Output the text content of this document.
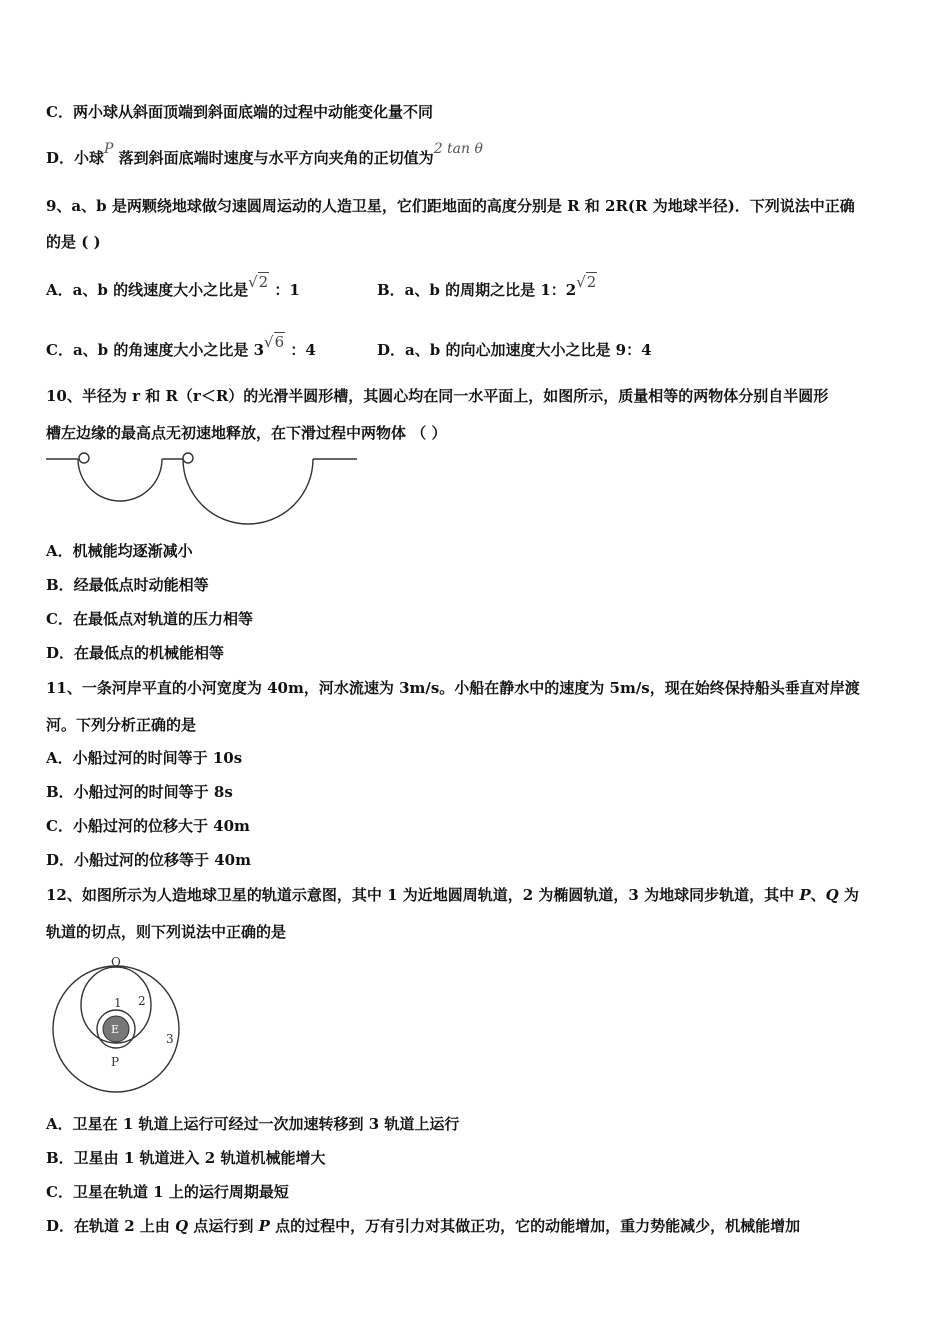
C．两小球从斜面顶端到斜面底端的过程中动能变化量不同
D．小球P 落到斜面底端时速度与水平方向夹角的正切值为2 tan θ
9、a、b 是两颗绕地球做匀速圆周运动的人造卫星，它们距地面的高度分别是 R 和 2R(R 为地球半径)．下列说法中正确
的是 ( )
A．a、b 的线速度大小之比是√2 ：1	B．a、b 的周期之比是 1：2√2
C．a、b 的角速度大小之比是 3√6 ：4	D．a、b 的向心加速度大小之比是 9：4
10、半径为 r 和 R（r＜R）的光滑半圆形槽，其圆心均在同一水平面上，如图所示，质量相等的两物体分别自半圆形
槽左边缘的最高点无初速地释放，在下滑过程中两物体 （ ）
A．机械能均逐渐减小
B．经最低点时动能相等
C．在最低点对轨道的压力相等
D．在最低点的机械能相等
11、一条河岸平直的小河宽度为 40m，河水流速为 3m/s。小船在静水中的速度为 5m/s，现在始终保持船头垂直对岸渡
河。下列分析正确的是
A．小船过河的时间等于 10s
B．小船过河的时间等于 8s
C．小船过河的位移大于 40m
D．小船过河的位移等于 40m
12、如图所示为人造地球卫星的轨道示意图，其中 1 为近地圆周轨道，2 为椭圆轨道，3 为地球同步轨道，其中 P、Q 为
轨道的切点，则下列说法中正确的是
Q
P
E
1 2
3
A．卫星在 1 轨道上运行可经过一次加速转移到 3 轨道上运行
B．卫星由 1 轨道进入 2 轨道机械能增大
C．卫星在轨道 1 上的运行周期最短
D．在轨道 2 上由 Q 点运行到 P 点的过程中，万有引力对其做正功，它的动能增加，重力势能减少，机械能增加
